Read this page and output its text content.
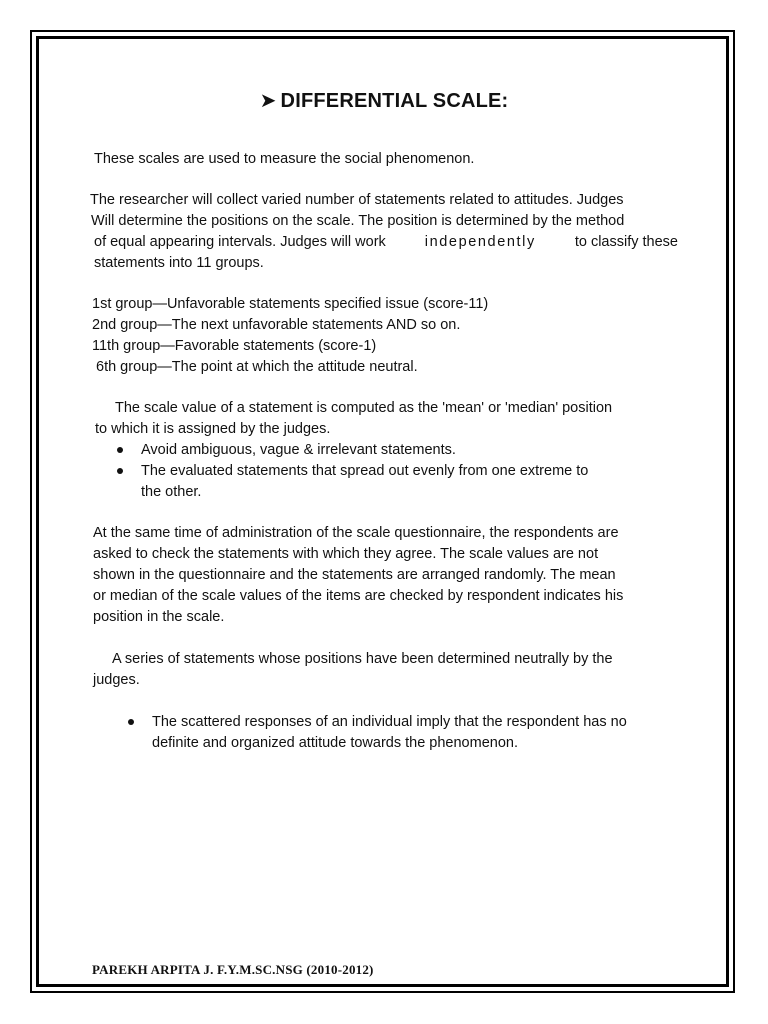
➤ DIFFERENTIAL SCALE:

These scales are used to measure the social phenomenon.

The researcher will collect varied number of statements related to attitudes. Judges

Will determine the positions on the scale. The position is determined by the method

of equal appearing intervals. Judges will work	independently	to classify these

statements into 11 groups.

1st group—Unfavorable statements specified issue (score-11)

2nd group—The next unfavorable statements AND so on.

11th group—Favorable statements (score-1)

6th group—The point at which the attitude neutral.

The scale value of a statement is computed as the 'mean' or 'median' position

to which it is assigned by the judges.

Avoid ambiguous, vague & irrelevant statements.
The evaluated statements that spread out evenly from one extreme to

the other.

At the same time of administration of the scale questionnaire, the respondents are

asked to check the statements with which they agree. The scale values are not

shown in the questionnaire and the statements are arranged randomly. The mean

or median of the scale values of the items are checked by respondent indicates his

position in the scale.

A series of statements whose positions have been determined neutrally by the

judges.

The scattered responses of an individual imply that the respondent has no
definite and organized attitude towards the phenomenon.
PAREKH ARPITA J. F.Y.M.SC.NSG (2010-2012)
